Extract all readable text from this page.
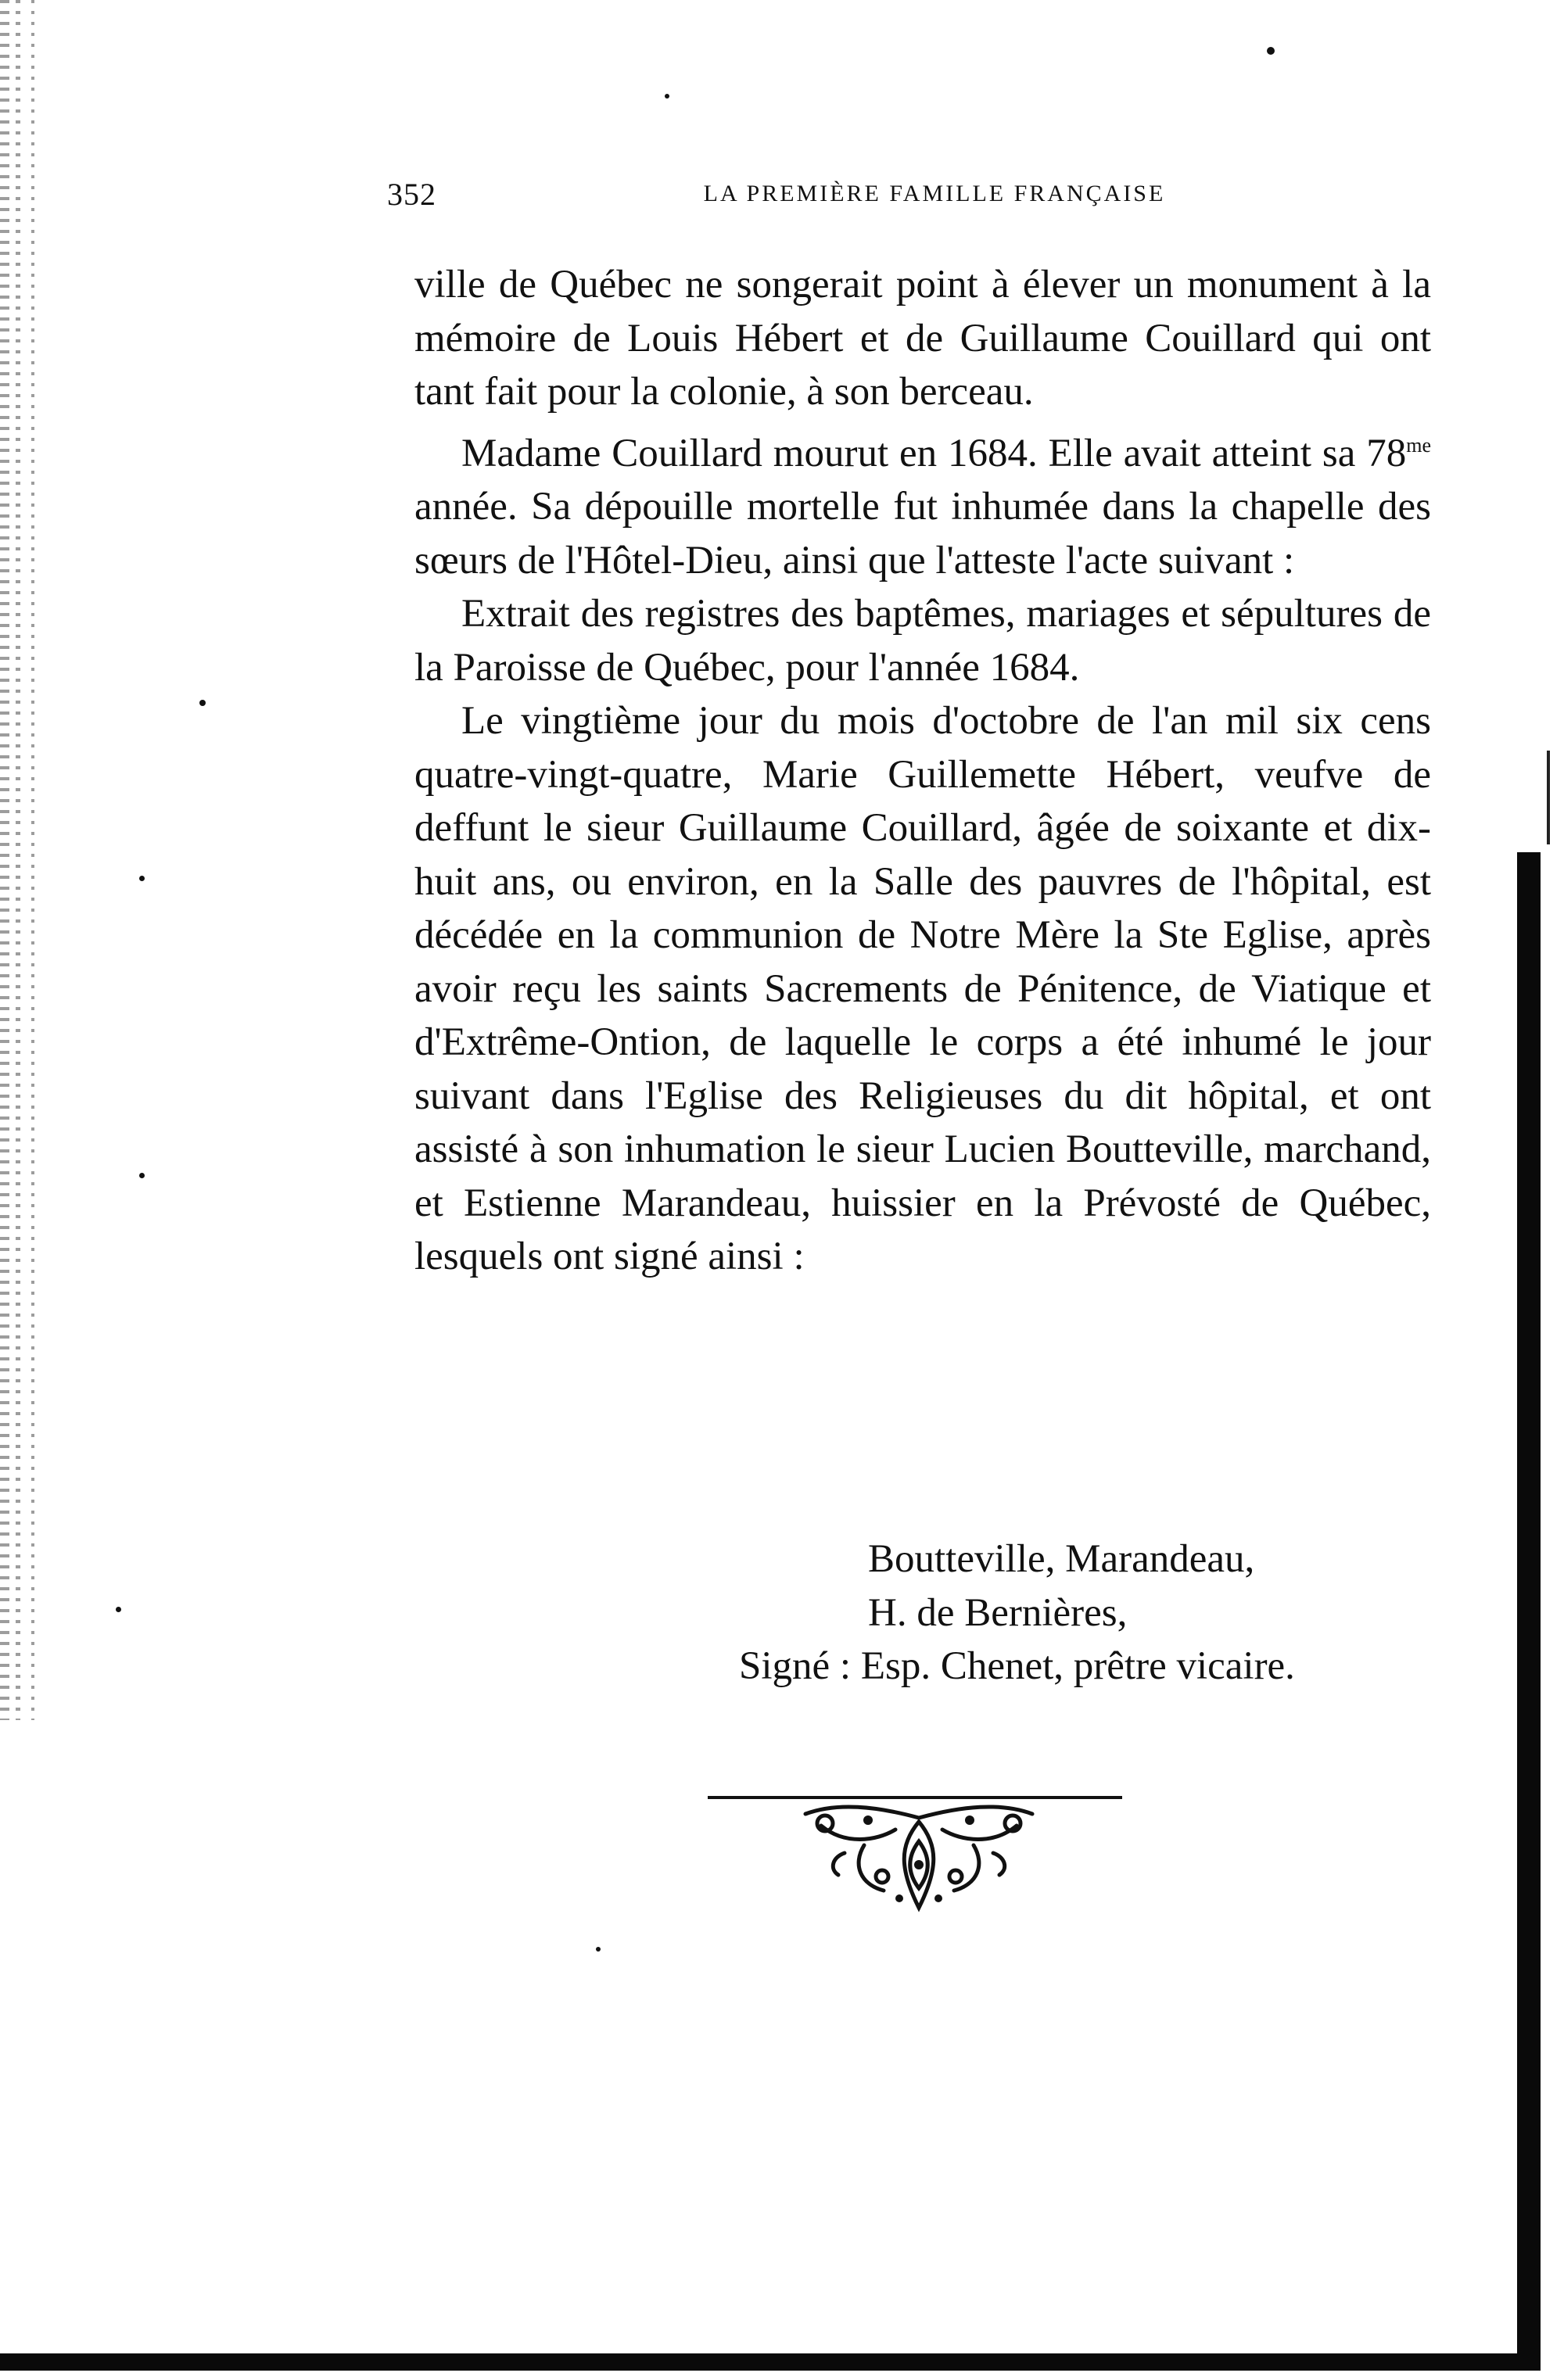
352	LA PREMIÈRE FAMILLE FRANÇAISE

ville de Québec ne songerait point à élever un monument à la mémoire de Louis Hébert et de Guillaume Couillard qui ont tant fait pour la colonie, à son berceau.

Madame Couillard mourut en 1684. Elle avait atteint sa $78^{me}$ année. Sa dépouille mortelle fut inhumée dans la chapelle des sœurs de l'Hôtel-Dieu, ainsi que l'atteste l'acte suivant :

Extrait des registres des baptêmes, mariages et sépultures de la Paroisse de Québec, pour l'année 1684.

Le vingtième jour du mois d'octobre de l'an mil six cens quatre-vingt-quatre, Marie Guillemette Hébert, veufve de deffunt le sieur Guillaume Couillard, âgée de soixante et dix-huit ans, ou environ, en la Salle des pauvres de l'hôpital, est décédée en la communion de Notre Mère la Ste Eglise, après avoir reçu les saints Sacrements de Pénitence, de Viatique et d'Extrême-Ontion, de laquelle le corps a été inhumé le jour suivant dans l'Eglise des Religieuses du dit hôpital, et ont assisté à son inhumation le sieur Lucien Boutteville, marchand, et Estienne Marandeau, huissier en la Prévosté de Québec, lesquels ont signé ainsi :

Boutteville, Marandeau,

H. de Bernières,

Signé : Esp. Chenet, prêtre vicaire.
